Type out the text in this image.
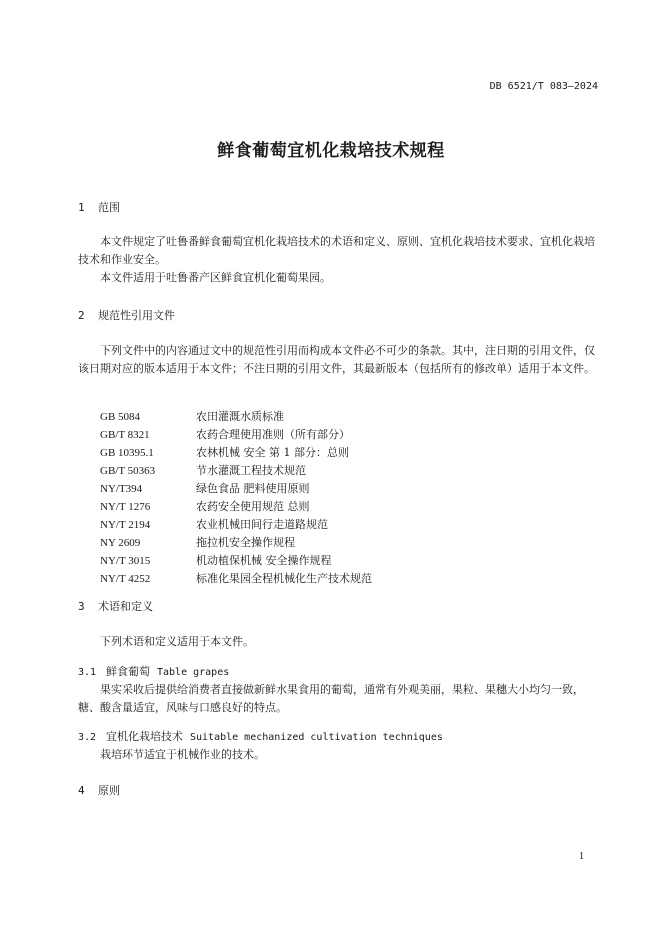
DB 6521/T 083—2024
鲜食葡萄宜机化栽培技术规程
1 范围
本文件规定了吐鲁番鲜食葡萄宜机化栽培技术的术语和定义、原则、宜机化栽培技术要求、宜机化栽培技术和作业安全。
本文件适用于吐鲁番产区鲜食宜机化葡萄果园。
2 规范性引用文件
下列文件中的内容通过文中的规范性引用而构成本文件必不可少的条款。其中，注日期的引用文件，仅该日期对应的版本适用于本文件；不注日期的引用文件，其最新版本（包括所有的修改单）适用于本文件。
GB 5084	农田灌溉水质标准
GB/T 8321	农药合理使用准则（所有部分）
GB 10395.1	农林机械 安全 第 1 部分：总则
GB/T 50363	节水灌溉工程技术规范
NY/T394	绿色食品 肥料使用原则
NY/T 1276	农药安全使用规范 总则
NY/T 2194	农业机械田间行走道路规范
NY 2609	拖拉机安全操作规程
NY/T 3015	机动植保机械 安全操作规程
NY/T 4252	标准化果园全程机械化生产技术规范
3 术语和定义
下列术语和定义适用于本文件。
3.1 鲜食葡萄 Table grapes
果实采收后提供给消费者直接做新鲜水果食用的葡萄，通常有外观美丽，果粒、果穗大小均匀一致，糖、酸含量适宜，风味与口感良好的特点。
3.2 宜机化栽培技术 Suitable mechanized cultivation techniques
栽培环节适宜于机械作业的技术。
4 原则
1
